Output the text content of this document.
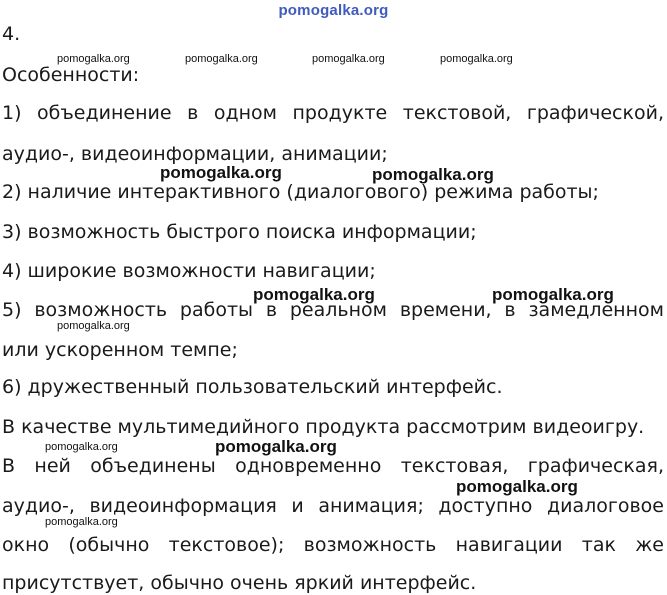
pomogalka.org
4.
pomogalka.org	pomogalka.org	pomogalka.org	pomogalka.org
Особенности:
1) объединение в одном продукте текстовой, графической,
аудио-, видеоинформации, анимации;
pomogalka.org	pomogalka.org
2) наличие интерактивного (диалогового) режима работы;
3) возможность быстрого поиска информации;
4) широкие возможности навигации;
pomogalka.org	pomogalka.org
5) возможность работы в реальном времени, в замедленном
pomogalka.org
или ускоренном темпе;
6) дружественный пользовательский интерфейс.
В качестве мультимедийного продукта рассмотрим видеоигру.
pomogalka.org	pomogalka.org
В ней объединены одновременно текстовая, графическая,
pomogalka.org
аудио-, видеоинформация и анимация; доступно диалоговое
pomogalka.org
окно (обычно текстовое); возможность навигации так же
присутствует, обычно очень яркий интерфейс.
